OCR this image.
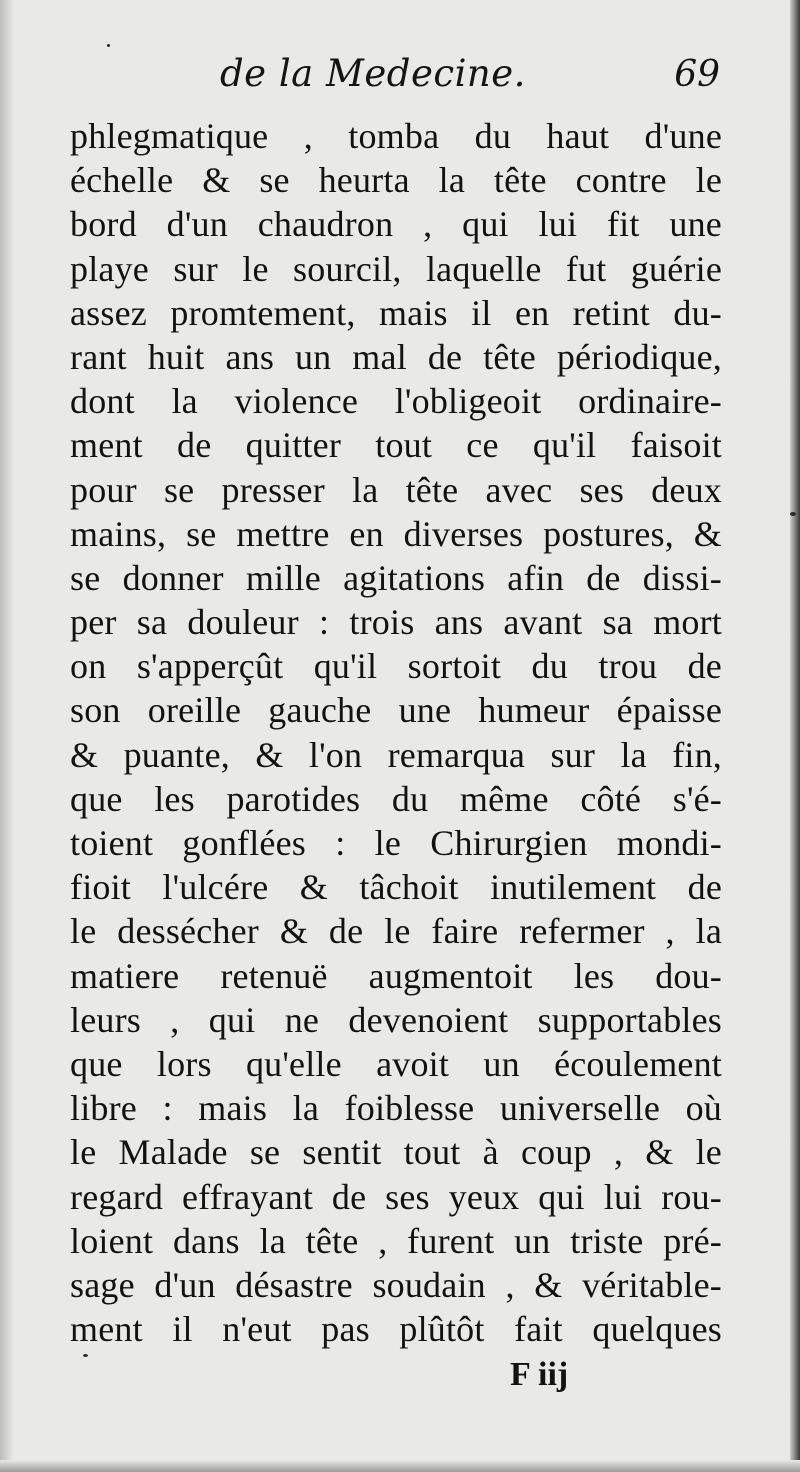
de la Medecine.	69
phlegmatique , tomba du haut d'une
échelle & se heurta la tête contre le
bord d'un chaudron , qui lui fit une
playe sur le sourcil, laquelle fut guérie
assez promtement, mais il en retint du-
rant huit ans un mal de tête périodique,
dont la violence l'obligeoit ordinaire-
ment de quitter tout ce qu'il faisoit
pour se presser la tête avec ses deux
mains, se mettre en diverses postures, &
se donner mille agitations afin de dissi-
per sa douleur : trois ans avant sa mort
on s'apperçût qu'il sortoit du trou de
son oreille gauche une humeur épaisse
& puante, & l'on remarqua sur la fin,
que les parotides du même côté s'é-
toient gonflées : le Chirurgien mondi-
fioit l'ulcére & tâchoit inutilement de
le dessécher & de le faire refermer , la
matiere retenuë augmentoit les dou-
leurs , qui ne devenoient supportables
que lors qu'elle avoit un écoulement
libre : mais la foiblesse universelle où
le Malade se sentit tout à coup , & le
regard effrayant de ses yeux qui lui rou-
loient dans la tête , furent un triste pré-
sage d'un désastre soudain , & véritable-
ment il n'eut pas plûtôt fait quelques
F iij
